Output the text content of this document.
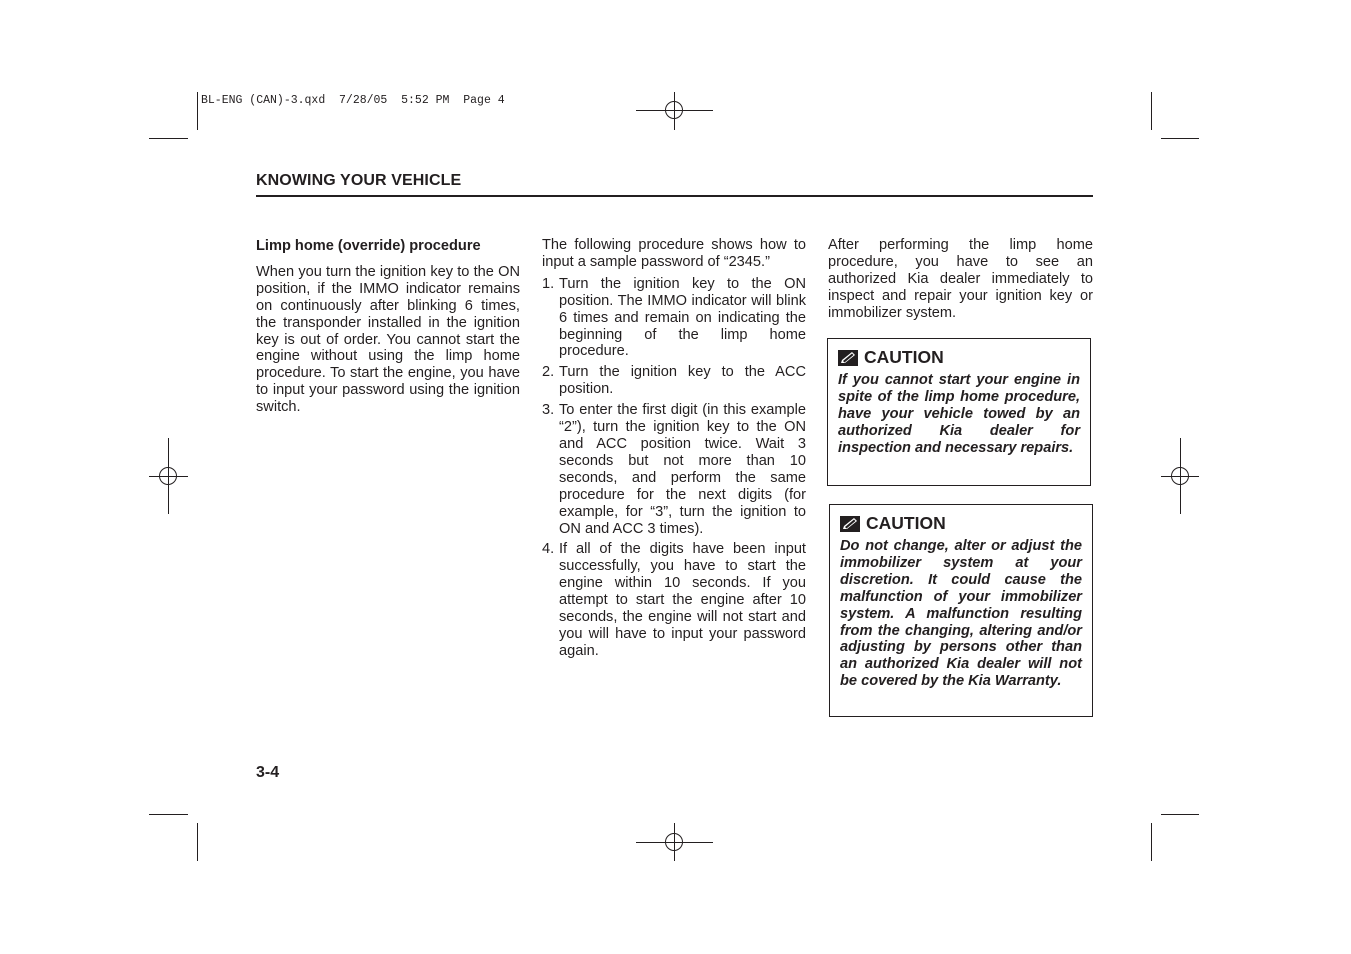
BL-ENG (CAN)-3.qxd  7/28/05  5:52 PM  Page 4
KNOWING YOUR VEHICLE

Limp home (override) procedure

When you turn the ignition key to the ON position, if the IMMO indicator remains on continuously after blinking 6 times, the transponder installed in the ignition key is out of order. You cannot start the engine without using the limp home procedure. To start the engine, you have to input your password using the ignition switch.

The following procedure shows how to input a sample password of “2345.”

1. Turn the ignition key to the ON position. The IMMO indicator will blink 6 times and remain on indicating the beginning of the limp home procedure.
2. Turn the ignition key to the ACC position.
3. To enter the first digit (in this example “2”), turn the ignition key to the ON and ACC position twice. Wait 3 seconds but not more than 10 seconds, and perform the same procedure for the next digits (for example, for “3”, turn the ignition to ON and ACC 3 times).
4. If all of the digits have been input successfully, you have to start the engine within 10 seconds. If you attempt to start the engine after 10 seconds, the engine will not start and you will have to input your password again.

After performing the limp home procedure, you have to see an authorized Kia dealer immediately to inspect and repair your ignition key or immobilizer system.

CAUTION
If you cannot start your engine in spite of the limp home procedure, have your vehicle towed by an authorized Kia dealer for inspection and necessary repairs.
CAUTION
Do not change, alter or adjust the immobilizer system at your discretion. It could cause the malfunction of your immobilizer system. A malfunction resulting from the changing, altering and/or adjusting by persons other than an authorized Kia dealer will not be covered by the Kia Warranty.
3-4
